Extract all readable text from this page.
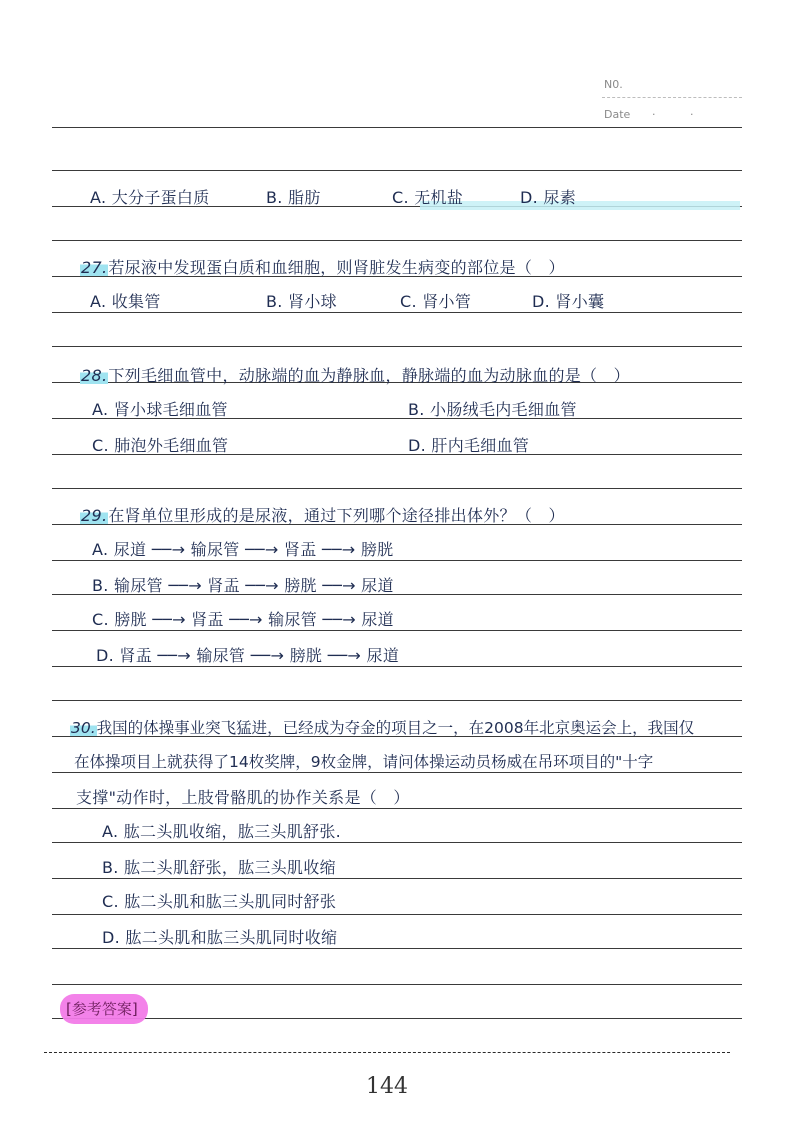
N0.
Date ·	·
A. 大分子蛋白质	B. 脂肪	C. 无机盐	D. 尿素
27.若尿液中发现蛋白质和血细胞，则肾脏发生病变的部位是（　）
A. 收集管	B. 肾小球	C. 肾小管	D. 肾小囊
28.下列毛细血管中，动脉端的血为静脉血，静脉端的血为动脉血的是（　）
A. 肾小球毛细血管	B. 小肠绒毛内毛细血管
C. 肺泡外毛细血管	D. 肝内毛细血管
29.在肾单位里形成的是尿液，通过下列哪个途径排出体外？（　）
A. 尿道 ──→ 输尿管 ──→ 肾盂 ──→ 膀胱
B. 输尿管 ──→ 肾盂 ──→ 膀胱 ──→ 尿道
C. 膀胱 ──→ 肾盂 ──→ 输尿管 ──→ 尿道
D. 肾盂 ──→ 输尿管 ──→ 膀胱 ──→ 尿道
30.我国的体操事业突飞猛进，已经成为夺金的项目之一，在2008年北京奥运会上，我国仅
在体操项目上就获得了14枚奖牌，9枚金牌，请问体操运动员杨威在吊环项目的"十字
支撑"动作时，上肢骨骼肌的协作关系是（　）
A. 肱二头肌收缩，肱三头肌舒张.
B. 肱二头肌舒张，肱三头肌收缩
C. 肱二头肌和肱三头肌同时舒张
D. 肱二头肌和肱三头肌同时收缩
[参考答案]
144
